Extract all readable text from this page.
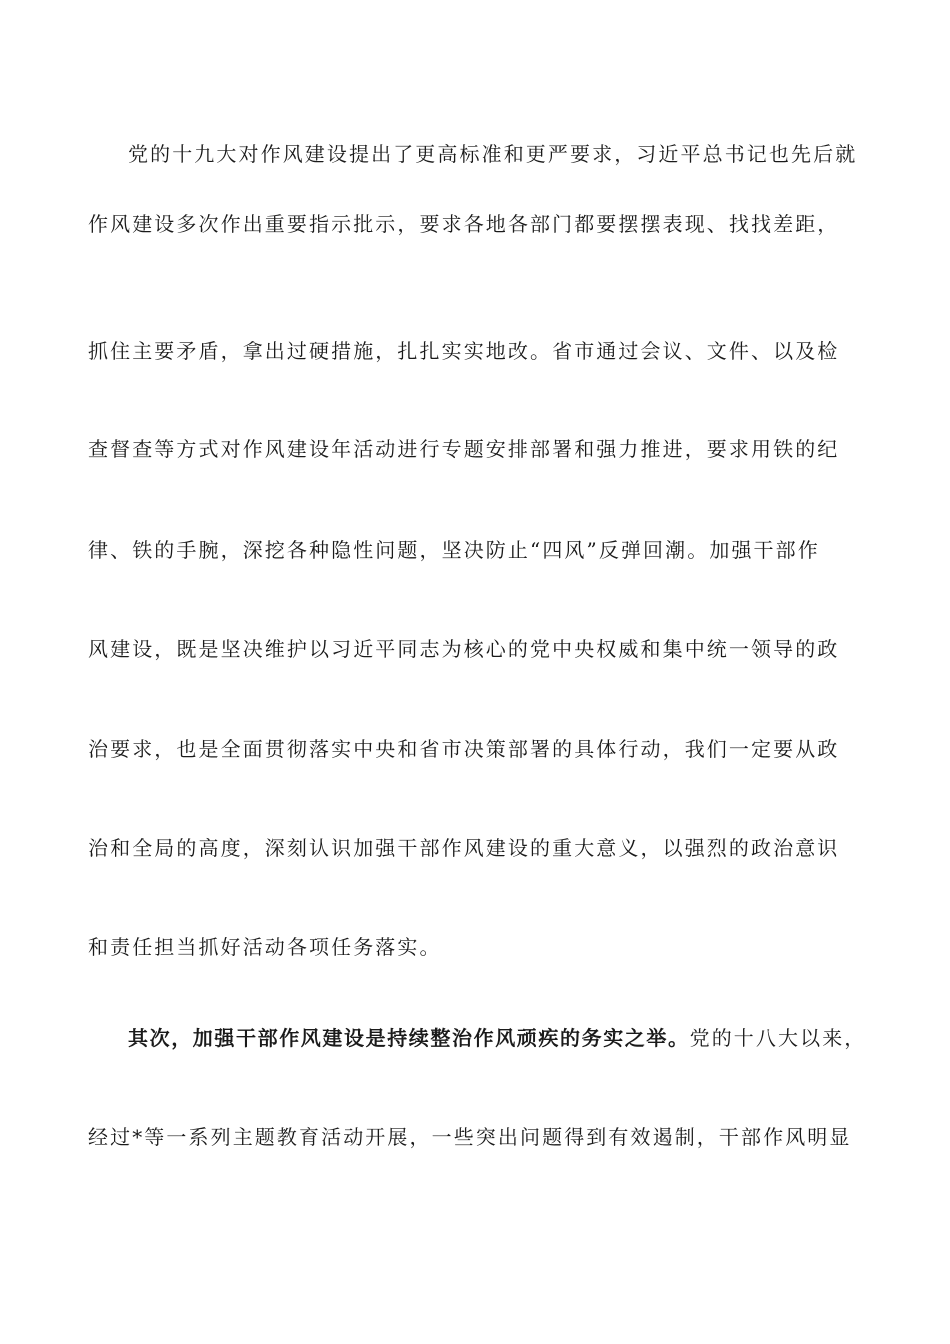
党的十九大对作风建设提出了更高标准和更严要求，习近平总书记也先后就
作风建设多次作出重要指示批示，要求各地各部门都要摆摆表现、找找差距，
抓住主要矛盾，拿出过硬措施，扎扎实实地改。省市通过会议、文件、以及检
查督查等方式对作风建设年活动进行专题安排部署和强力推进，要求用铁的纪
律、铁的手腕，深挖各种隐性问题，坚决防止“四风”反弹回潮。加强干部作
风建设，既是坚决维护以习近平同志为核心的党中央权威和集中统一领导的政
治要求，也是全面贯彻落实中央和省市决策部署的具体行动，我们一定要从政
治和全局的高度，深刻认识加强干部作风建设的重大意义，以强烈的政治意识
和责任担当抓好活动各项任务落实。
其次，加强干部作风建设是持续整治作风顽疾的务实之举。党的十八大以来，
经过*等一系列主题教育活动开展，一些突出问题得到有效遏制，干部作风明显
